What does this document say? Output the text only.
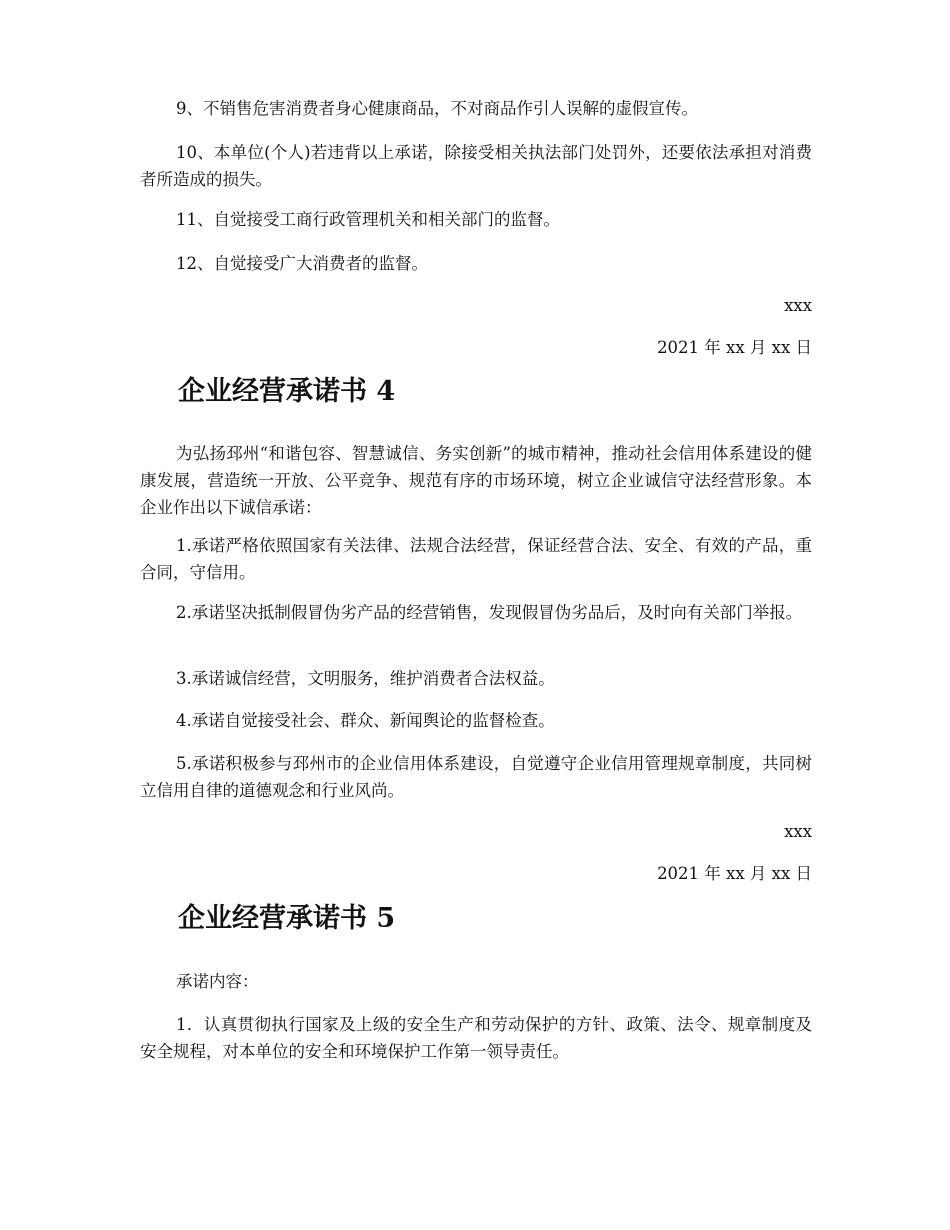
9、不销售危害消费者身心健康商品，不对商品作引人误解的虚假宣传。

10、本单位(个人)若违背以上承诺，除接受相关执法部门处罚外，还要依法承担对消费者所造成的损失。

11、自觉接受工商行政管理机关和相关部门的监督。

12、自觉接受广大消费者的监督。

xxx
2021 年 xx 月 xx 日
企业经营承诺书 4

为弘扬邳州“和谐包容、智慧诚信、务实创新”的城市精神，推动社会信用体系建设的健康发展，营造统一开放、公平竞争、规范有序的市场环境，树立企业诚信守法经营形象。本企业作出以下诚信承诺：

1.承诺严格依照国家有关法律、法规合法经营，保证经营合法、安全、有效的产品，重合同，守信用。

2.承诺坚决抵制假冒伪劣产品的经营销售，发现假冒伪劣品后，及时向有关部门举报。

3.承诺诚信经营，文明服务，维护消费者合法权益。

4.承诺自觉接受社会、群众、新闻舆论的监督检查。

5.承诺积极参与邳州市的企业信用体系建设，自觉遵守企业信用管理规章制度，共同树立信用自律的道德观念和行业风尚。

xxx
2021 年 xx 月 xx 日
企业经营承诺书 5

承诺内容：

1．认真贯彻执行国家及上级的安全生产和劳动保护的方针、政策、法令、规章制度及安全规程，对本单位的安全和环境保护工作第一领导责任。
